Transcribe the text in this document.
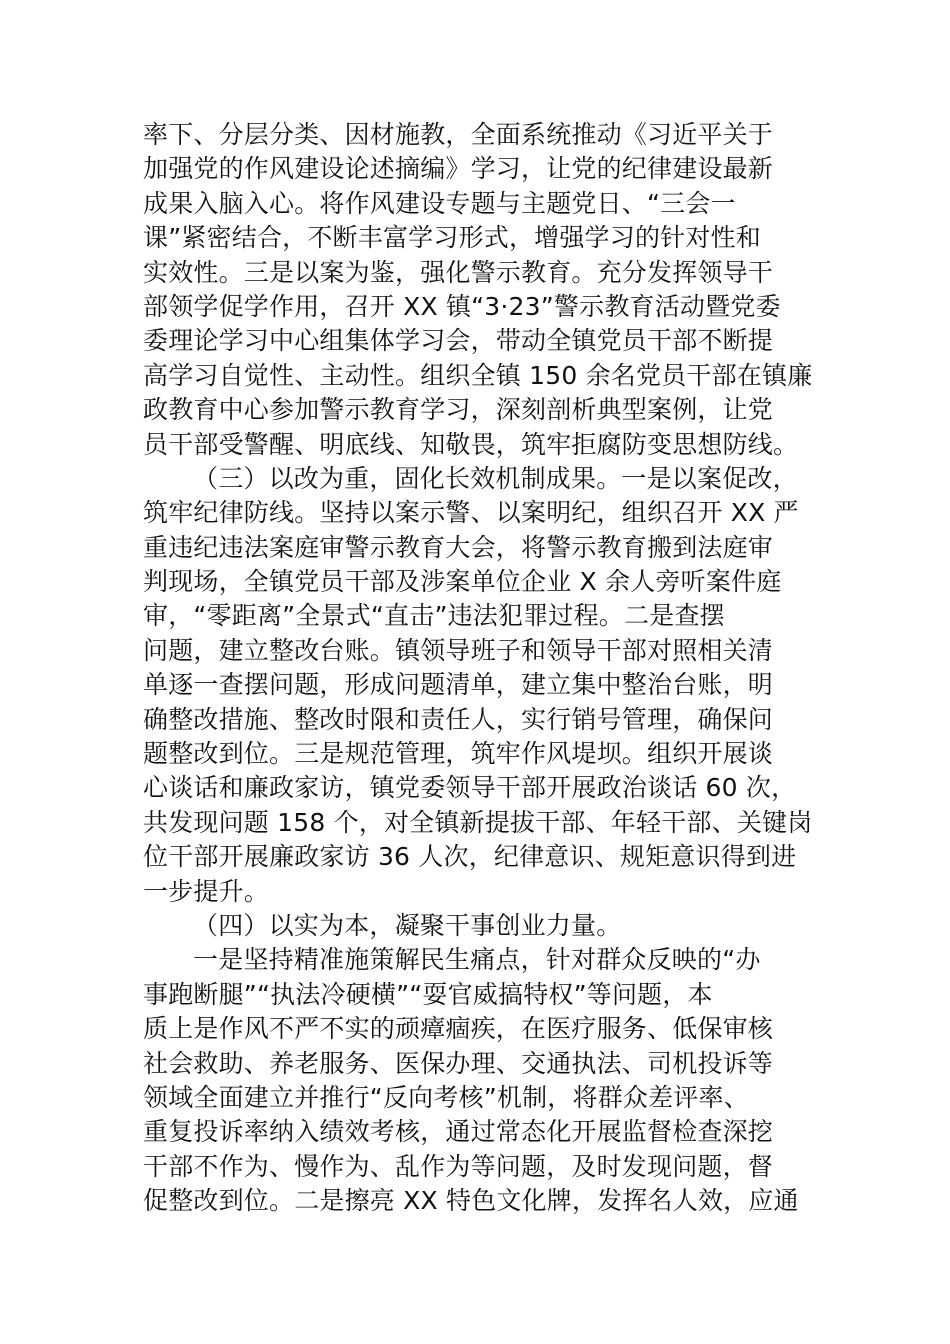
率下、分层分类、因材施教，全面系统推动《习近平关于
加强党的作风建设论述摘编》学习，让党的纪律建设最新
成果入脑入心。将作风建设专题与主题党日、“三会一
课”紧密结合，不断丰富学习形式，增强学习的针对性和
实效性。三是以案为鉴，强化警示教育。充分发挥领导干
部领学促学作用，召开 XX 镇“3·23”警示教育活动暨党委
委理论学习中心组集体学习会，带动全镇党员干部不断提
高学习自觉性、主动性。组织全镇 150 余名党员干部在镇廉
政教育中心参加警示教育学习，深刻剖析典型案例，让党
员干部受警醒、明底线、知敬畏，筑牢拒腐防变思想防线。
（三）以改为重，固化长效机制成果。一是以案促改，
筑牢纪律防线。坚持以案示警、以案明纪，组织召开 XX 严
重违纪违法案庭审警示教育大会，将警示教育搬到法庭审
判现场，全镇党员干部及涉案单位企业 X 余人旁听案件庭
审，“零距离”全景式“直击”违法犯罪过程。二是查摆
问题，建立整改台账。镇领导班子和领导干部对照相关清
单逐一查摆问题，形成问题清单，建立集中整治台账，明
确整改措施、整改时限和责任人，实行销号管理，确保问
题整改到位。三是规范管理，筑牢作风堤坝。组织开展谈
心谈话和廉政家访，镇党委领导干部开展政治谈话 60 次，
共发现问题 158 个，对全镇新提拔干部、年轻干部、关键岗
位干部开展廉政家访 36 人次，纪律意识、规矩意识得到进
一步提升。
（四）以实为本，凝聚干事创业力量。
一是坚持精准施策解民生痛点，针对群众反映的“办
事跑断腿”“执法冷硬横”“耍官威搞特权”等问题，本
质上是作风不严不实的顽瘴痼疾，在医疗服务、低保审核
社会救助、养老服务、医保办理、交通执法、司机投诉等
领域全面建立并推行“反向考核”机制，将群众差评率、
重复投诉率纳入绩效考核，通过常态化开展监督检查深挖
干部不作为、慢作为、乱作为等问题，及时发现问题，督
促整改到位。二是擦亮 XX 特色文化牌，发挥名人效，应通
